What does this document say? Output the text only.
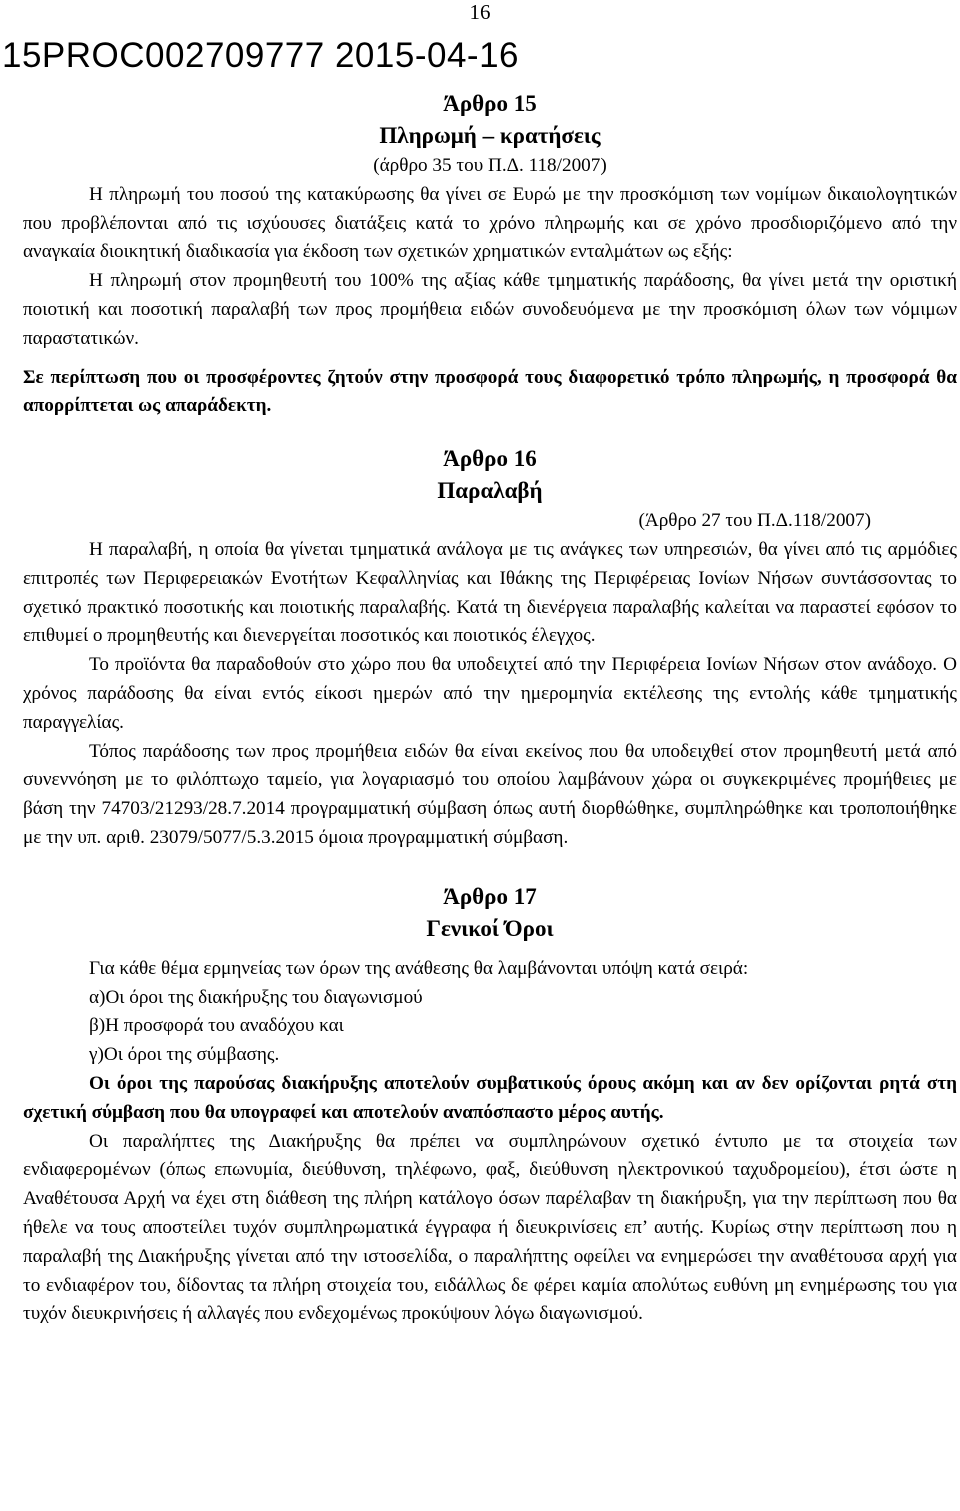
16
15PROC002709777 2015-04-16
Άρθρο 15
Πληρωμή – κρατήσεις
(άρθρο 35 του Π.Δ. 118/2007)

Η πληρωμή του ποσού της κατακύρωσης θα γίνει σε Ευρώ με την προσκόμιση των νομίμων δικαιολογητικών που προβλέπονται από τις ισχύουσες διατάξεις κατά το χρόνο πληρωμής και σε χρόνο προσδιοριζόμενο από την αναγκαία διοικητική διαδικασία για έκδοση των σχετικών χρηματικών ενταλμάτων ως εξής:

Η πληρωμή στον προμηθευτή του 100% της αξίας κάθε τμηματικής παράδοσης, θα γίνει μετά την οριστική ποιοτική και ποσοτική παραλαβή των προς προμήθεια ειδών συνοδευόμενα με την προσκόμιση όλων των νόμιμων παραστατικών.

Σε περίπτωση που οι προσφέροντες ζητούν στην προσφορά τους διαφορετικό τρόπο πληρωμής, η προσφορά θα απορρίπτεται ως απαράδεκτη.

Άρθρο 16
Παραλαβή
(Άρθρο 27 του Π.Δ.118/2007)

Η παραλαβή, η οποία θα γίνεται τμηματικά ανάλογα με τις ανάγκες των υπηρεσιών, θα γίνει από τις αρμόδιες επιτροπές των Περιφερειακών Ενοτήτων Κεφαλληνίας και Ιθάκης της Περιφέρειας Ιονίων Νήσων συντάσσοντας το σχετικό πρακτικό ποσοτικής και ποιοτικής παραλαβής. Κατά τη διενέργεια παραλαβής καλείται να παραστεί εφόσον το επιθυμεί ο προμηθευτής και διενεργείται ποσοτικός και ποιοτικός έλεγχος.

Το προϊόντα θα παραδοθούν στο χώρο που θα υποδειχτεί από την Περιφέρεια Ιονίων Νήσων στον ανάδοχο. Ο χρόνος παράδοσης θα είναι εντός είκοσι ημερών από την ημερομηνία εκτέλεσης της εντολής κάθε τμηματικής παραγγελίας.

Τόπος παράδοσης των προς προμήθεια ειδών θα είναι εκείνος που θα υποδειχθεί στον προμηθευτή μετά από συνεννόηση με το φιλόπτωχο ταμείο, για λογαριασμό του οποίου λαμβάνουν χώρα οι συγκεκριμένες προμήθειες με βάση την 74703/21293/28.7.2014 προγραμματική σύμβαση όπως αυτή διορθώθηκε, συμπληρώθηκε και τροποποιήθηκε με την υπ. αριθ. 23079/5077/5.3.2015 όμοια προγραμματική σύμβαση.

Άρθρο 17
Γενικοί Όροι

Για κάθε θέμα ερμηνείας των όρων της ανάθεσης θα λαμβάνονται υπόψη κατά σειρά:

α)Οι όροι της διακήρυξης του διαγωνισμού

β)Η προσφορά του αναδόχου και

γ)Οι όροι της σύμβασης.

Οι όροι της παρούσας διακήρυξης αποτελούν συμβατικούς όρους ακόμη και αν δεν ορίζονται ρητά στη σχετική σύμβαση που θα υπογραφεί και αποτελούν αναπόσπαστο μέρος αυτής.

Οι παραλήπτες της Διακήρυξης θα πρέπει να συμπληρώνουν σχετικό έντυπο με τα στοιχεία των ενδιαφερομένων (όπως επωνυμία, διεύθυνση, τηλέφωνο, φαξ, διεύθυνση ηλεκτρονικού ταχυδρομείου), έτσι ώστε η Αναθέτουσα Αρχή να έχει στη διάθεση της πλήρη κατάλογο όσων παρέλαβαν τη διακήρυξη, για την περίπτωση που θα ήθελε να τους αποστείλει τυχόν συμπληρωματικά έγγραφα ή διευκρινίσεις επ’ αυτής. Κυρίως στην περίπτωση που η παραλαβή της Διακήρυξης γίνεται από την ιστοσελίδα, ο παραλήπτης οφείλει να ενημερώσει την αναθέτουσα αρχή για το ενδιαφέρον του, δίδοντας τα πλήρη στοιχεία του, ειδάλλως δε φέρει καμία απολύτως ευθύνη μη ενημέρωσης του για τυχόν διευκρινήσεις ή αλλαγές που ενδεχομένως προκύψουν λόγω διαγωνισμού.
